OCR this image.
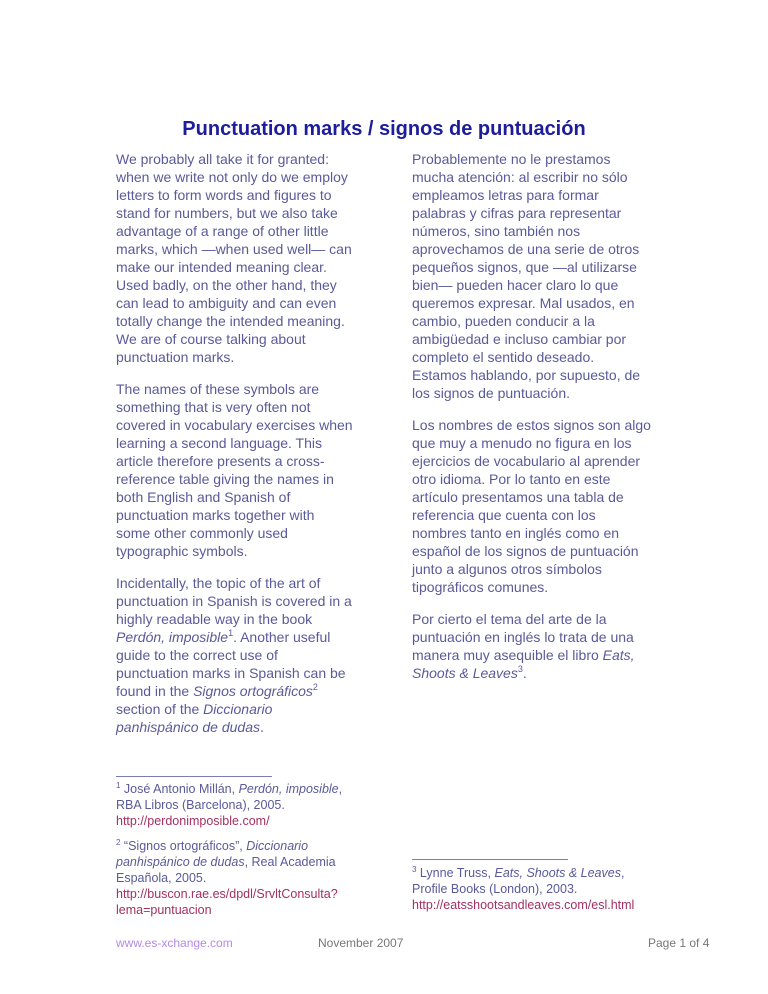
Punctuation marks / signos de puntuación
We probably all take it for granted:
when we write not only do we employ
letters to form words and figures to
stand for numbers, but we also take
advantage of a range of other little
marks, which —when used well— can
make our intended meaning clear.
Used badly, on the other hand, they
can lead to ambiguity and can even
totally change the intended meaning.
We are of course talking about
punctuation marks.
The names of these symbols are
something that is very often not
covered in vocabulary exercises when
learning a second language. This
article therefore presents a cross-
reference table giving the names in
both English and Spanish of
punctuation marks together with
some other commonly used
typographic symbols.
Incidentally, the topic of the art of
punctuation in Spanish is covered in a
highly readable way in the book
Perdón, imposible$^1$. Another useful
guide to the correct use of
punctuation marks in Spanish can be
found in the Signos ortográficos$^2$
section of the Diccionario
panhispánico de dudas.
Probablemente no le prestamos
mucha atención: al escribir no sólo
empleamos letras para formar
palabras y cifras para representar
números, sino también nos
aprovechamos de una serie de otros
pequeños signos, que —al utilizarse
bien— pueden hacer claro lo que
queremos expresar. Mal usados, en
cambio, pueden conducir a la
ambigüedad e incluso cambiar por
completo el sentido deseado.
Estamos hablando, por supuesto, de
los signos de puntuación.
Los nombres de estos signos son algo
que muy a menudo no figura en los
ejercicios de vocabulario al aprender
otro idioma. Por lo tanto en este
artículo presentamos una tabla de
referencia que cuenta con los
nombres tanto en inglés como en
español de los signos de puntuación
junto a algunos otros símbolos
tipográficos comunes.
Por cierto el tema del arte de la
puntuación en inglés lo trata de una
manera muy asequible el libro Eats,
Shoots & Leaves$^3$.
$^1$ José Antonio Millán, Perdón, imposible,
RBA Libros (Barcelona), 2005.
http://perdonimposible.com/
$^2$ “Signos ortográficos”, Diccionario
panhispánico de dudas, Real Academia
Española, 2005.
http://buscon.rae.es/dpdl/SrvltConsulta?
lema=puntuacion
$^3$ Lynne Truss, Eats, Shoots & Leaves,
Profile Books (London), 2003.
http://eatsshootsandleaves.com/esl.html
www.es-xchange.com	November 2007	Page 1 of 4
